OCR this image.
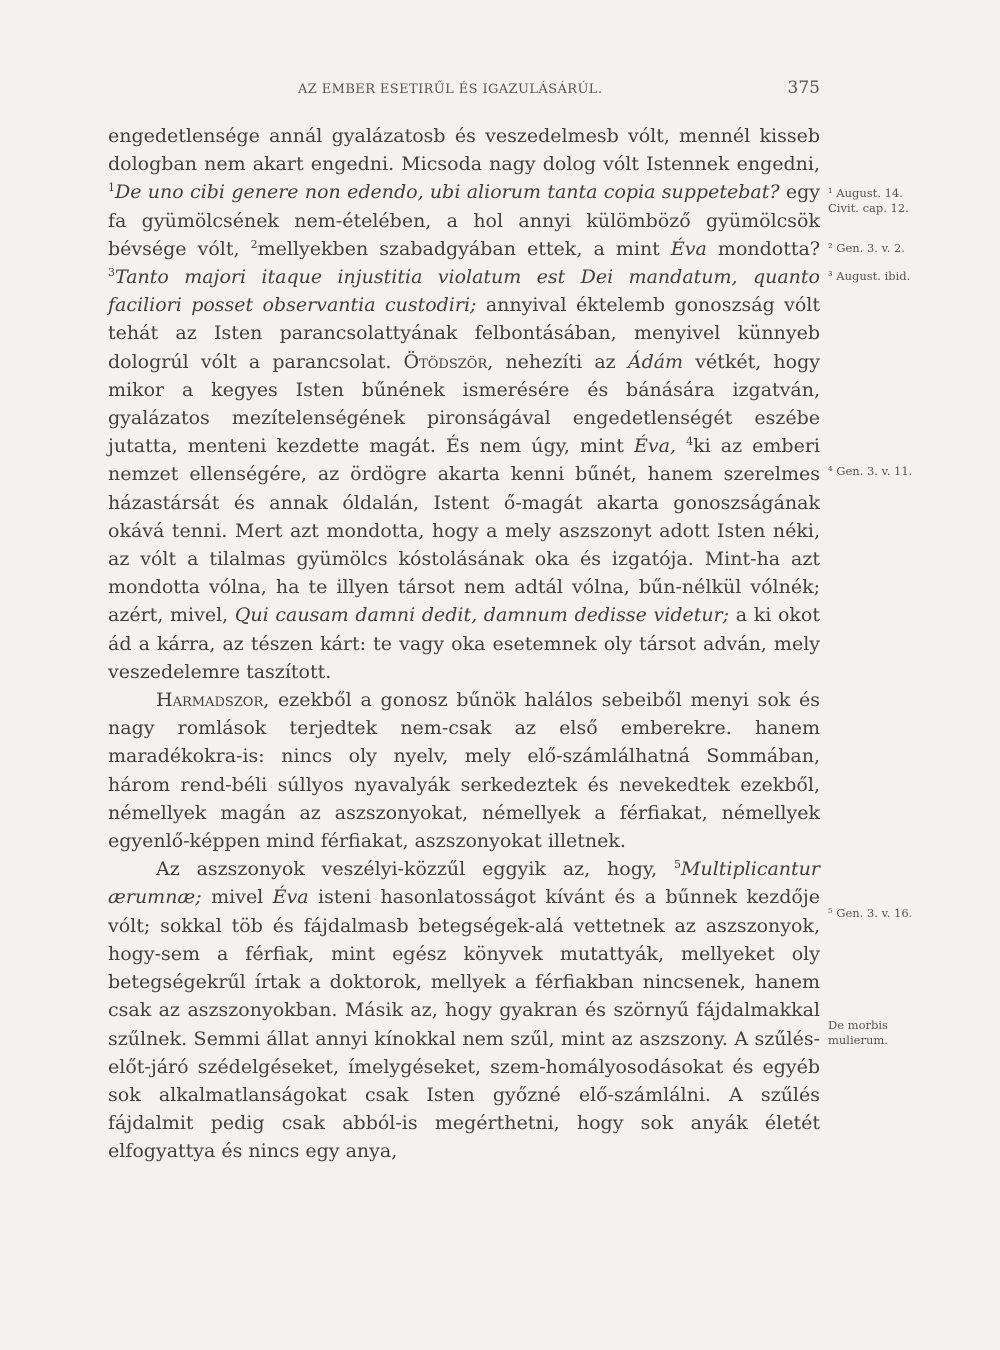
AZ EMBER ESETIRŰL ÉS IGAZULÁSÁRÚL.	375

engedetlensége annál gyalázatosb és veszedelmesb vólt, mennél kisseb dologban nem akart engedni. Micsoda nagy dolog vólt Istennek engedni, $^1$De uno cibi genere non edendo, ubi aliorum tanta copia suppetebat? egy fa gyümölcsének nem-ételében, a hol annyi külömböző gyümölcsök bévsége vólt, $^2$mellyekben szabadgyában ettek, a mint Éva mondotta? $^3$Tanto majori itaque injustitia violatum est Dei mandatum, quanto faciliori posset observantia custodiri; annyival éktelemb gonoszság vólt tehát az Isten parancsolattyának felbontásában, menyivel künnyeb dologrúl vólt a parancsolat. Ötödször, nehezíti az Ádám vétkét, hogy mikor a kegyes Isten bűnének ismerésére és bánására izgatván, gyalázatos mezítelenségének pironságával engedetlenségét eszébe jutatta, menteni kezdette magát. És nem úgy, mint Éva, $^4$ki az emberi nemzet ellenségére, az ördögre akarta kenni bűnét, hanem szerelmes házastársát és annak óldalán, Istent ő-magát akarta gonoszságának okává tenni. Mert azt mondotta, hogy a mely aszszonyt adott Isten néki, az vólt a tilalmas gyümölcs kóstolásának oka és izgatója. Mint-ha azt mondotta vólna, ha te illyen társot nem adtál vólna, bűn-nélkül vólnék; azért, mivel, Qui causam damni dedit, damnum dedisse videtur; a ki okot ád a kárra, az tészen kárt: te vagy oka esetemnek oly társot adván, mely veszedelemre taszított.

Harmadszor, ezekből a gonosz bűnök halálos sebeiből menyi sok és nagy romlások terjedtek nem-csak az első emberekre. hanem maradékokra-is: nincs oly nyelv, mely elő-számlálhatná Sommában, három rend-béli súllyos nyavalyák serkedeztek és nevekedtek ezekből, némellyek magán az aszszonyokat, némellyek a férfiakat, némellyek egyenlő-képpen mind férfiakat, aszszonyokat illetnek.

Az aszszonyok veszélyi-közzűl eggyik az, hogy, $^5$Multiplicantur ærumnæ; mivel Éva isteni hasonlatosságot kívánt és a bűnnek kezdője vólt; sokkal töb és fájdalmasb betegségek-alá vettetnek az aszszonyok, hogy-sem a férfiak, mint egész könyvek mutattyák, mellyeket oly betegségekrűl írtak a doktorok, mellyek a férfiakban nincsenek, hanem csak az aszszonyokban. Másik az, hogy gyakran és szörnyű fájdalmakkal szűlnek. Semmi állat annyi kínokkal nem szűl, mint az aszszony. A szűlés-előt-járó szédelgéseket, ímelygéseket, szem-homályosodásokat és egyéb sok alkalmatlanságokat csak Isten győzné elő-számlálni. A szűlés fájdalmit pedig csak abból-is megérthetni, hogy sok anyák életét elfogyattya és nincs egy anya,

¹ August. 14. Civit. cap. 12.
² Gen. 3. v. 2.
³ August. ibid.
⁴ Gen. 3. v. 11.
⁵ Gen. 3. v. 16.
De morbis mulierum.
